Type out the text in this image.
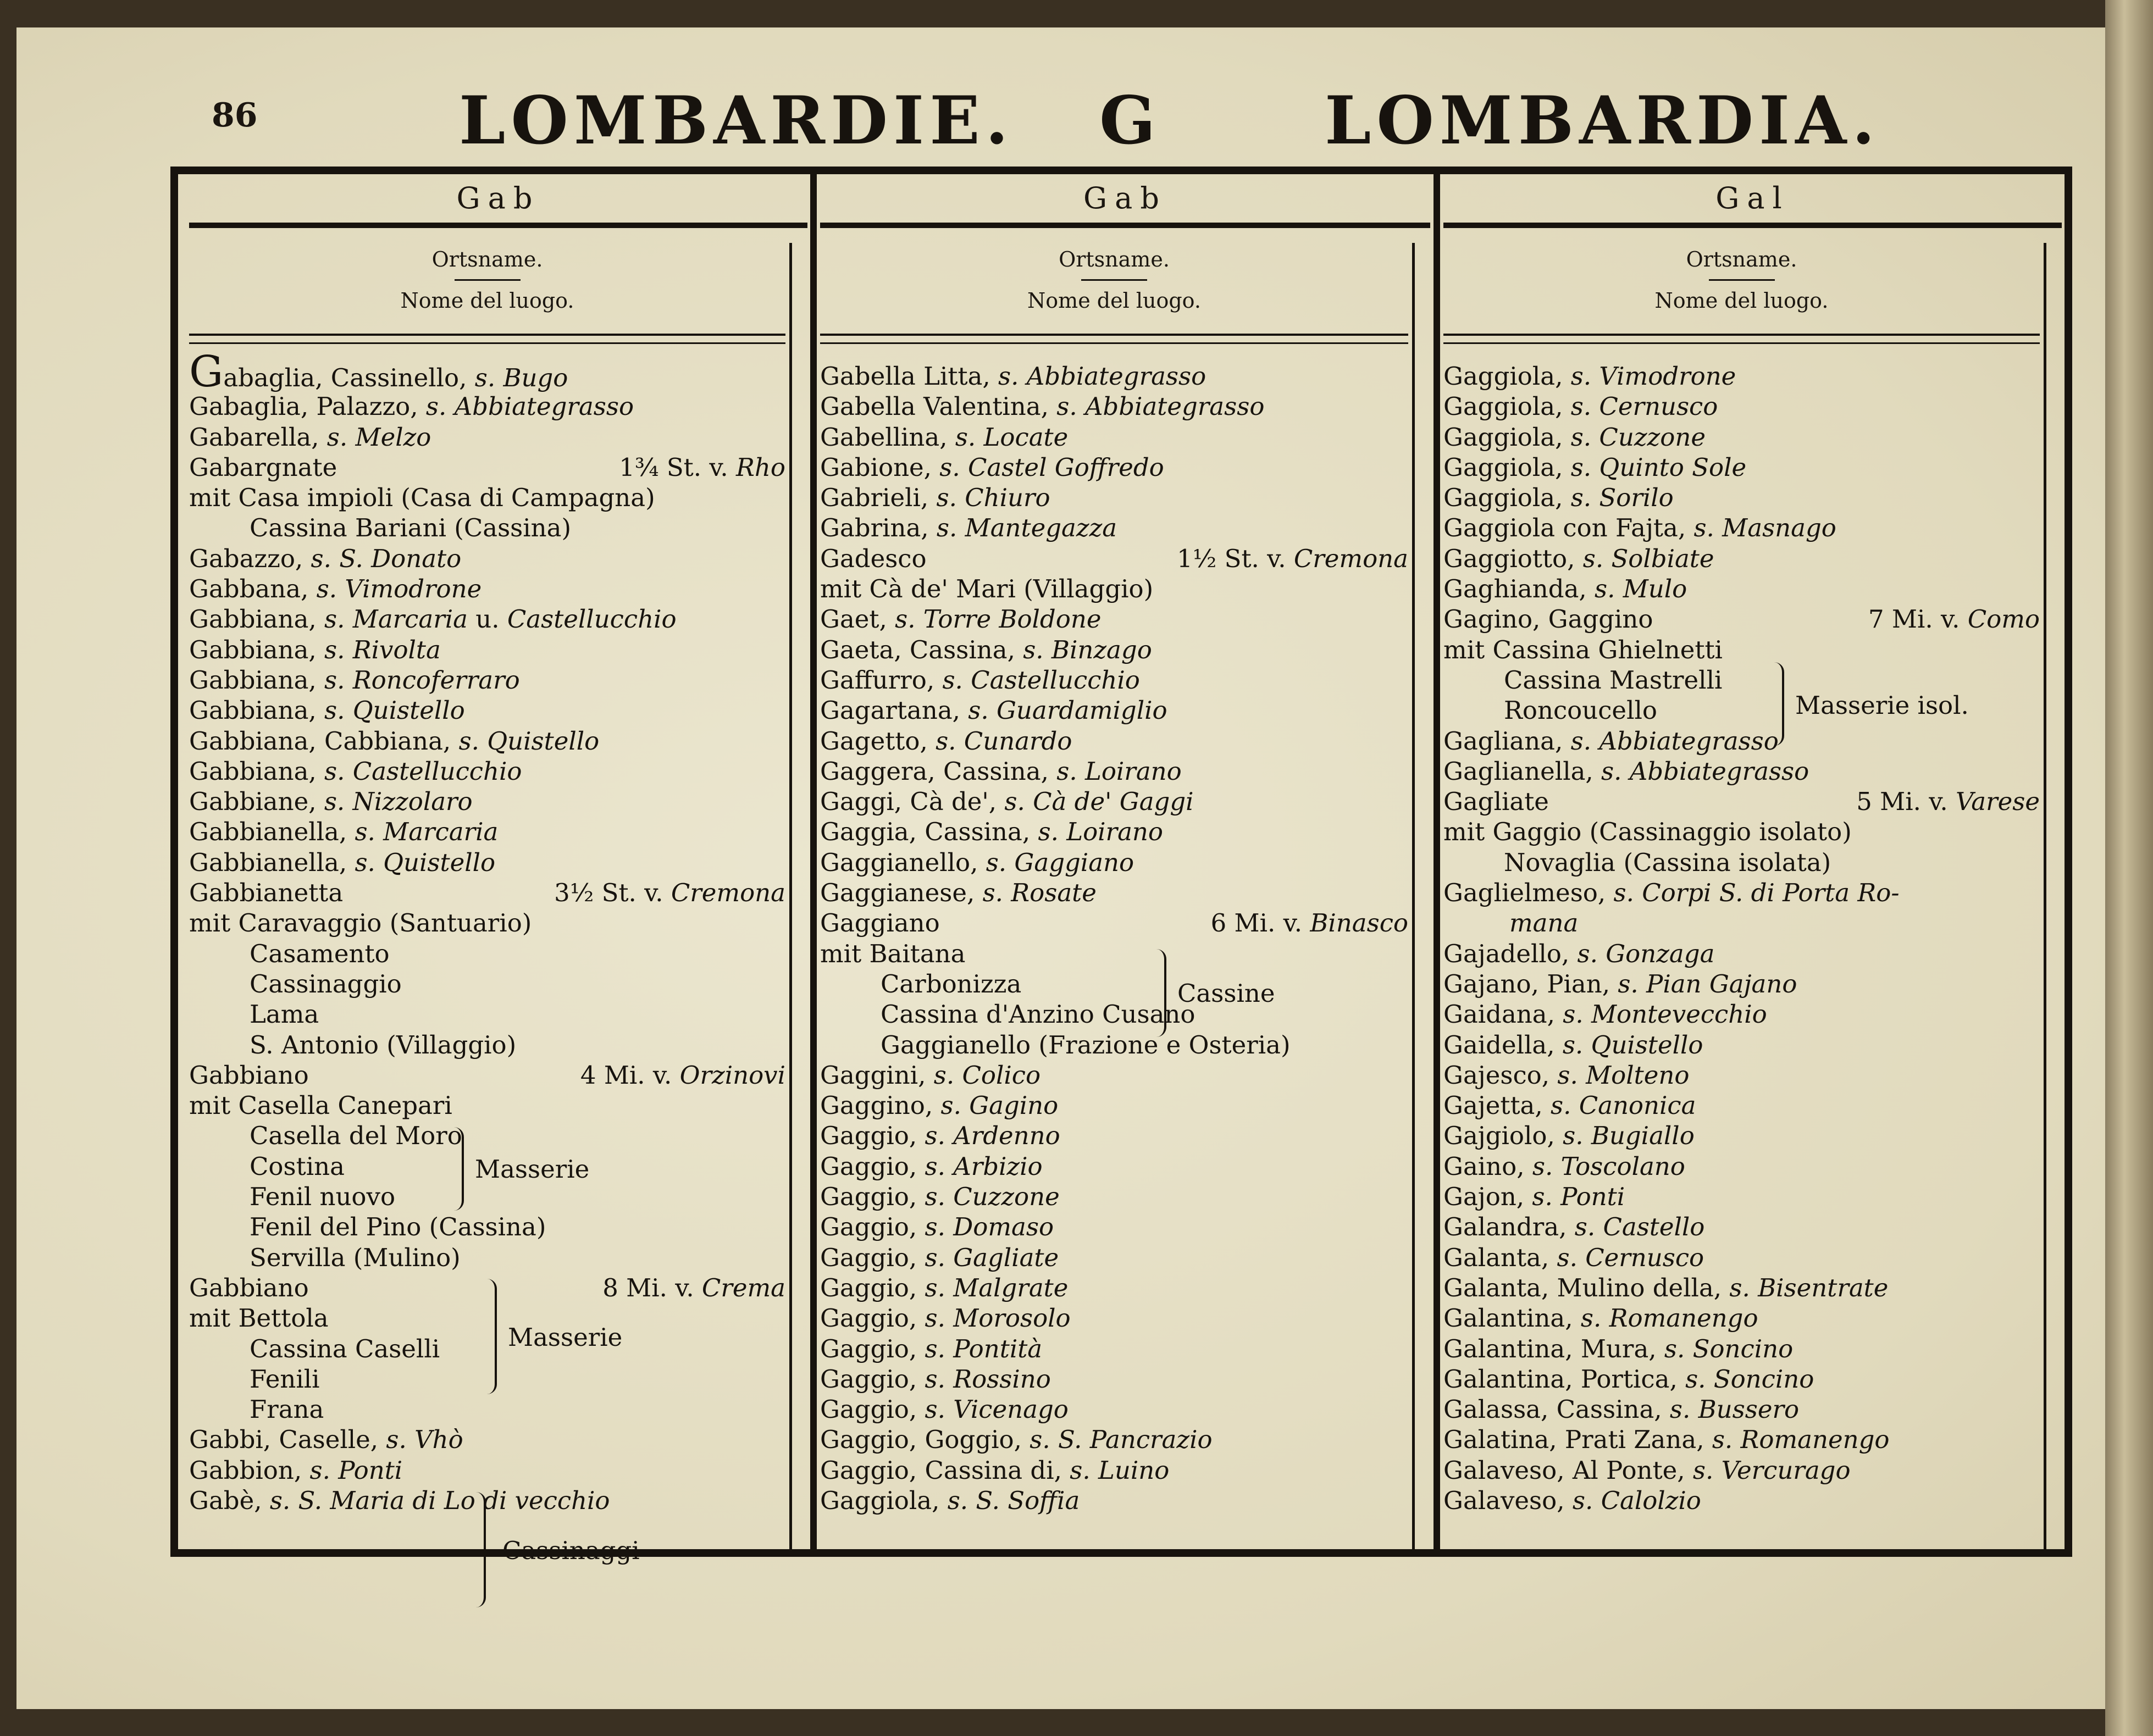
86	LOMBARDIE. G LOMBARDIA.
Gab
Ortsname.
Nome del luogo.
Gabaglia, Cassinello, s. Bugo
Gabaglia, Palazzo, s. Abbiategrasso
Gabarella, s. Melzo
Gabargnate	1¾ St. v. Rho
mit Casa impioli (Casa di Campagna)
Cassina Bariani (Cassina)
Gabazzo, s. S. Donato
Gabbana, s. Vimodrone
Gabbiana, s. Marcaria u. Castellucchio
Gabbiana, s. Rivolta
Gabbiana, s. Roncoferraro
Gabbiana, s. Quistello
Gabbiana, Cabbiana, s. Quistello
Gabbiana, s. Castellucchio
Gabbiane, s. Nizzolaro
Gabbianella, s. Marcaria
Gabbianella, s. Quistello
Gabbianetta	3½ St. v. Cremona
mit Caravaggio (Santuario)
Casamento
Cassinaggio
Lama
S. Antonio (Villaggio)
Gabbiano	4 Mi. v. Orzinovi
mit Casella Canepari
Casella del Moro
Costina
Fenil nuovo
Fenil del Pino (Cassina)
Servilla (Mulino)
Gabbiano	8 Mi. v. Crema
mit Bettola
Cassina Caselli
Fenili
Frana
Gabbi, Caselle, s. Vhò
Gabbion, s. Ponti
Gabè, s. S. Maria di Lo di vecchio
Masserie
Masserie
Cassinaggi
Gab
Ortsname.
Nome del luogo.
Gabella Litta, s. Abbiategrasso
Gabella Valentina, s. Abbiategrasso
Gabellina, s. Locate
Gabione, s. Castel Goffredo
Gabrieli, s. Chiuro
Gabrina, s. Mantegazza
Gadesco	1½ St. v. Cremona
mit Cà de' Mari (Villaggio)
Gaet, s. Torre Boldone
Gaeta, Cassina, s. Binzago
Gaffurro, s. Castellucchio
Gagartana, s. Guardamiglio
Gagetto, s. Cunardo
Gaggera, Cassina, s. Loirano
Gaggi, Cà de', s. Cà de' Gaggi
Gaggia, Cassina, s. Loirano
Gaggianello, s. Gaggiano
Gaggianese, s. Rosate
Gaggiano	6 Mi. v. Binasco
mit Baitana
Carbonizza
Cassina d'Anzino Cusano
Gaggianello (Frazione e Osteria)
Gaggini, s. Colico
Gaggino, s. Gagino
Gaggio, s. Ardenno
Gaggio, s. Arbizio
Gaggio, s. Cuzzone
Gaggio, s. Domaso
Gaggio, s. Gagliate
Gaggio, s. Malgrate
Gaggio, s. Morosolo
Gaggio, s. Pontità
Gaggio, s. Rossino
Gaggio, s. Vicenago
Gaggio, Goggio, s. S. Pancrazio
Gaggio, Cassina di, s. Luino
Gaggiola, s. S. Soffia
Cassine
Gal
Ortsname.
Nome del luogo.
Gaggiola, s. Vimodrone
Gaggiola, s. Cernusco
Gaggiola, s. Cuzzone
Gaggiola, s. Quinto Sole
Gaggiola, s. Sorilo
Gaggiola con Fajta, s. Masnago
Gaggiotto, s. Solbiate
Gaghianda, s. Mulo
Gagino, Gaggino	7 Mi. v. Como
mit Cassina Ghielnetti
Cassina Mastrelli
Roncoucello
Gagliana, s. Abbiategrasso
Gaglianella, s. Abbiategrasso
Gagliate	5 Mi. v. Varese
mit Gaggio (Cassinaggio isolato)
Novaglia (Cassina isolata)
Gaglielmeso, s. Corpi S. di Porta Ro-
mana
Gajadello, s. Gonzaga
Gajano, Pian, s. Pian Gajano
Gaidana, s. Montevecchio
Gaidella, s. Quistello
Gajesco, s. Molteno
Gajetta, s. Canonica
Gajgiolo, s. Bugiallo
Gaino, s. Toscolano
Gajon, s. Ponti
Galandra, s. Castello
Galanta, s. Cernusco
Galanta, Mulino della, s. Bisentrate
Galantina, s. Romanengo
Galantina, Mura, s. Soncino
Galantina, Portica, s. Soncino
Galassa, Cassina, s. Bussero
Galatina, Prati Zana, s. Romanengo
Galaveso, Al Ponte, s. Vercurago
Galaveso, s. Calolzio
Masserie isol.
